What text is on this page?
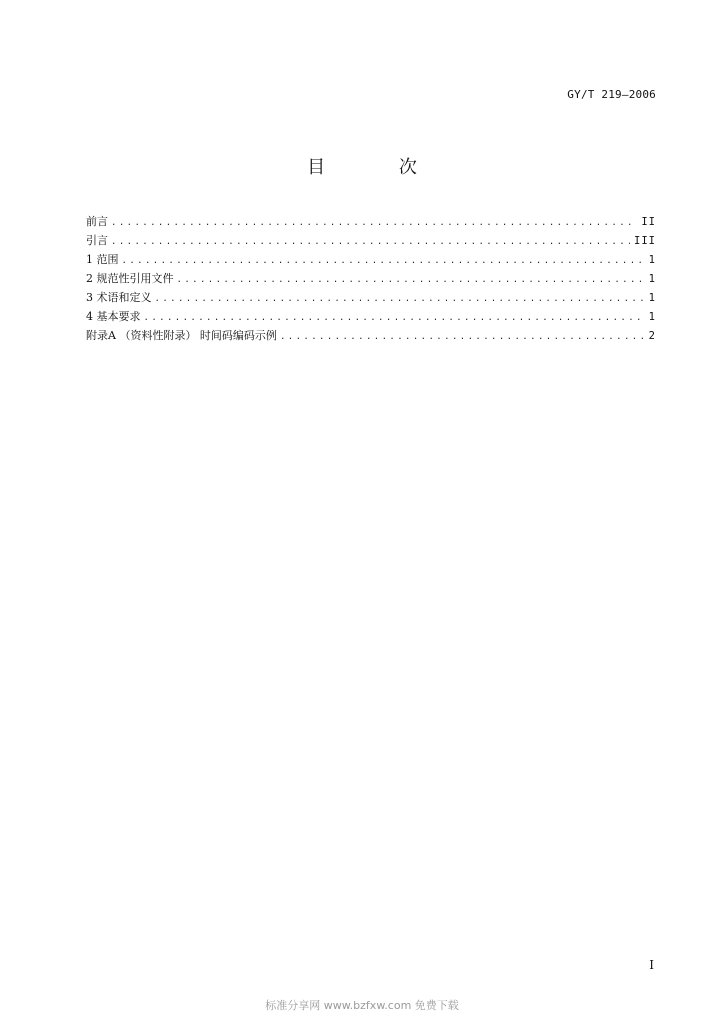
GY/T 219—2006
目 次
前言 .....	II
引言 .....	III
1 范围 .....	1
2 规范性引用文件 .....	1
3 术语和定义 .....	1
4 基本要求 .....	1
附录A （资料性附录） 时间码编码示例 .....	2
I
标准分享网 www.bzfxw.com 免费下载
